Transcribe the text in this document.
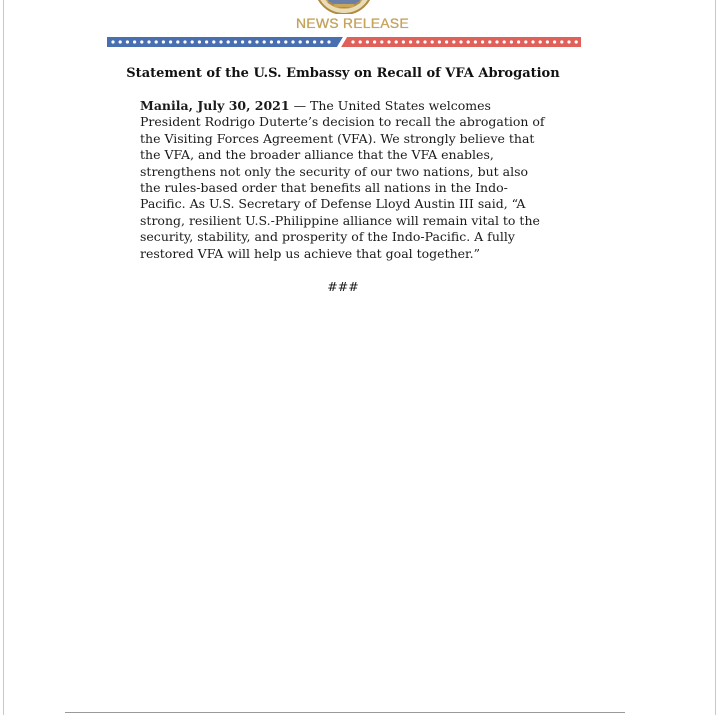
NEWS RELEASE
Statement of the U.S. Embassy on Recall of VFA Abrogation
Manila, July 30, 2021 — The United States welcomes President Rodrigo Duterte’s decision to recall the abrogation of the Visiting Forces Agreement (VFA). We strongly believe that the VFA, and the broader alliance that the VFA enables, strengthens not only the security of our two nations, but also the rules-based order that benefits all nations in the Indo-Pacific. As U.S. Secretary of Defense Lloyd Austin III said, “A strong, resilient U.S.-Philippine alliance will remain vital to the security, stability, and prosperity of the Indo-Pacific. A fully restored VFA will help us achieve that goal together.”
###
